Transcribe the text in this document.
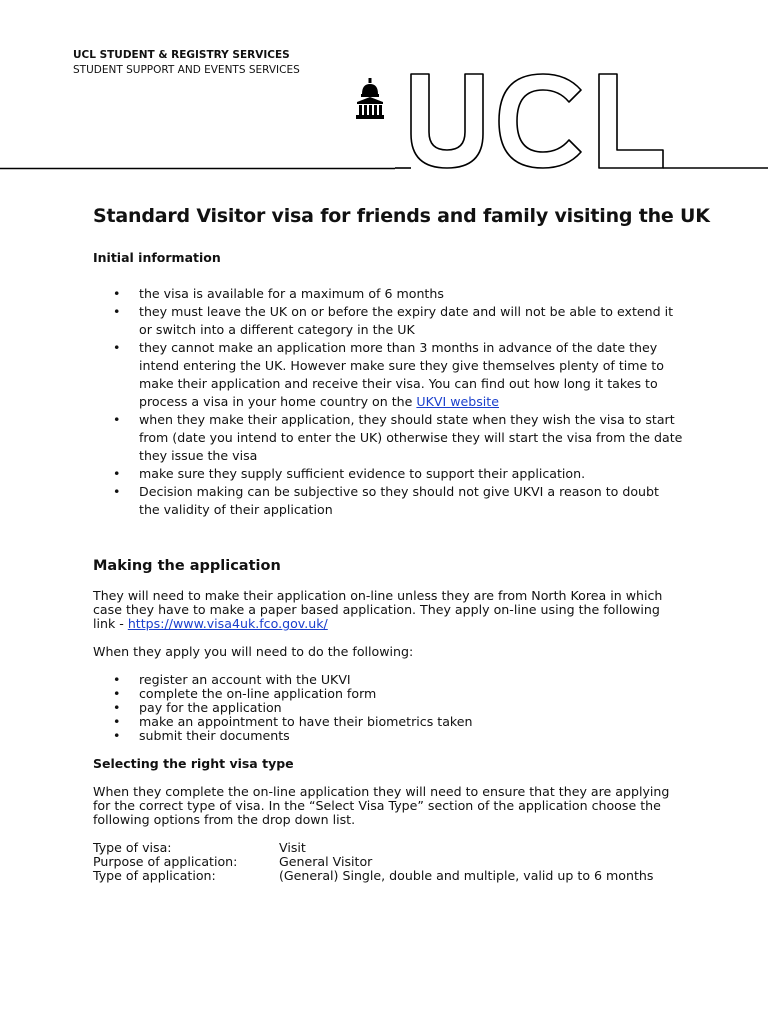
UCL STUDENT & REGISTRY SERVICES
STUDENT SUPPORT AND EVENTS SERVICES
Standard Visitor visa for friends and family visiting the UK
Initial information
• the visa is available for a maximum of 6 months
• they must leave the UK on or before the expiry date and will not be able to extend it or switch into a different category in the UK
• they cannot make an application more than 3 months in advance of the date they intend entering the UK. However make sure they give themselves plenty of time to make their application and receive their visa. You can find out how long it takes to process a visa in your home country on the UKVI website
• when they make their application, they should state when they wish the visa to start from (date you intend to enter the UK) otherwise they will start the visa from the date they issue the visa
• make sure they supply sufficient evidence to support their application.
• Decision making can be subjective so they should not give UKVI a reason to doubt the validity of their application
Making the application
They will need to make their application on-line unless they are from North Korea in which case they have to make a paper based application. They apply on-line using the following link - https://www.visa4uk.fco.gov.uk/
When they apply you will need to do the following:
• register an account with the UKVI
• complete the on-line application form
• pay for the application
• make an appointment to have their biometrics taken
• submit their documents
Selecting the right visa type
When they complete the on-line application they will need to ensure that they are applying for the correct type of visa. In the “Select Visa Type” section of the application choose the following options from the drop down list.
Type of visa:	Visit
Purpose of application:	General Visitor
Type of application:	(General) Single, double and multiple, valid up to 6 months
